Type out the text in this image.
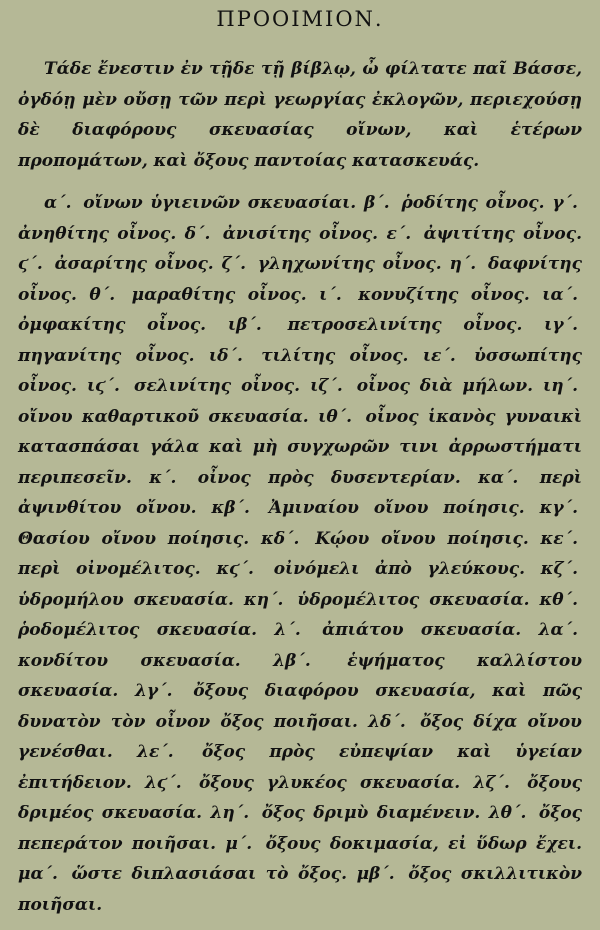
ΠΡΟΟΙΜΙΟΝ.

Τάδε ἔνεστιν ἐν τῇδε τῇ βίβλῳ, ὦ φίλτατε παῖ Βάσσε, ὀγδόῃ μὲν οὔσῃ τῶν περὶ γεωργίας ἐκλογῶν, περιεχούσῃ δὲ διαφόρους σκευασίας οἴνων, καὶ ἑτέρων προπομάτων, καὶ ὄξους παντοίας κατασκευάς.

α΄. οἴνων ὑγιεινῶν σκευασίαι. β΄. ῥοδίτης οἶνος. γ΄. ἀνηθίτης οἶνος. δ΄. ἀνισίτης οἶνος. ε΄. ἀψιτίτης οἶνος. ϛ΄. ἀσαρίτης οἶνος. ζ΄. γληχωνίτης οἶνος. η΄. δαφνίτης οἶνος. θ΄. μαραθίτης οἶνος. ι΄. κονυζίτης οἶνος. ια΄. ὀμφακίτης οἶνος. ιβ΄. πετροσελινίτης οἶνος. ιγ΄. πηγανίτης οἶνος. ιδ΄. τιλίτης οἶνος. ιε΄. ὑσσωπίτης οἶνος. ιϛ΄. σελινίτης οἶνος. ιζ΄. οἶνος διὰ μήλων. ιη΄. οἴνου καθαρτικοῦ σκευασία. ιθ΄. οἶνος ἱκανὸς γυναικὶ κατασπάσαι γάλα καὶ μὴ συγχωρῶν τινι ἀρρωστήματι περιπεσεῖν. κ΄. οἶνος πρὸς δυσεντερίαν. κα΄. περὶ ἀψινθίτου οἴνου. κβ΄. Ἀμιναίου οἴνου ποίησις. κγ΄. Θασίου οἴνου ποίησις. κδ΄. Κῴου οἴνου ποίησις. κε΄. περὶ οἰνομέλιτος. κϛ΄. οἰνόμελι ἀπὸ γλεύκους. κζ΄. ὑδρομήλου σκευασία. κη΄. ὑδρομέλιτος σκευασία. κθ΄. ῥοδομέλιτος σκευασία. λ΄. ἀπιάτου σκευασία. λα΄. κονδίτου σκευασία. λβ΄. ἑψήματος καλλίστου σκευασία. λγ΄. ὄξους διαφόρου σκευασία, καὶ πῶς δυνατὸν τὸν οἶνον ὄξος ποιῆσαι. λδ΄. ὄξος δίχα οἴνου γενέσθαι. λε΄. ὄξος πρὸς εὐπεψίαν καὶ ὑγείαν ἐπιτήδειον. λϛ΄. ὄξους γλυκέος σκευασία. λζ΄. ὄξους δριμέος σκευασία. λη΄. ὄξος δριμὺ διαμένειν. λθ΄. ὄξος πεπεράτον ποιῆσαι. μ΄. ὄξους δοκιμασία, εἰ ὕδωρ ἔχει. μα΄. ὥστε διπλασιάσαι τὸ ὄξος. μβ΄. ὄξος σκιλλιτικὸν ποιῆσαι.
